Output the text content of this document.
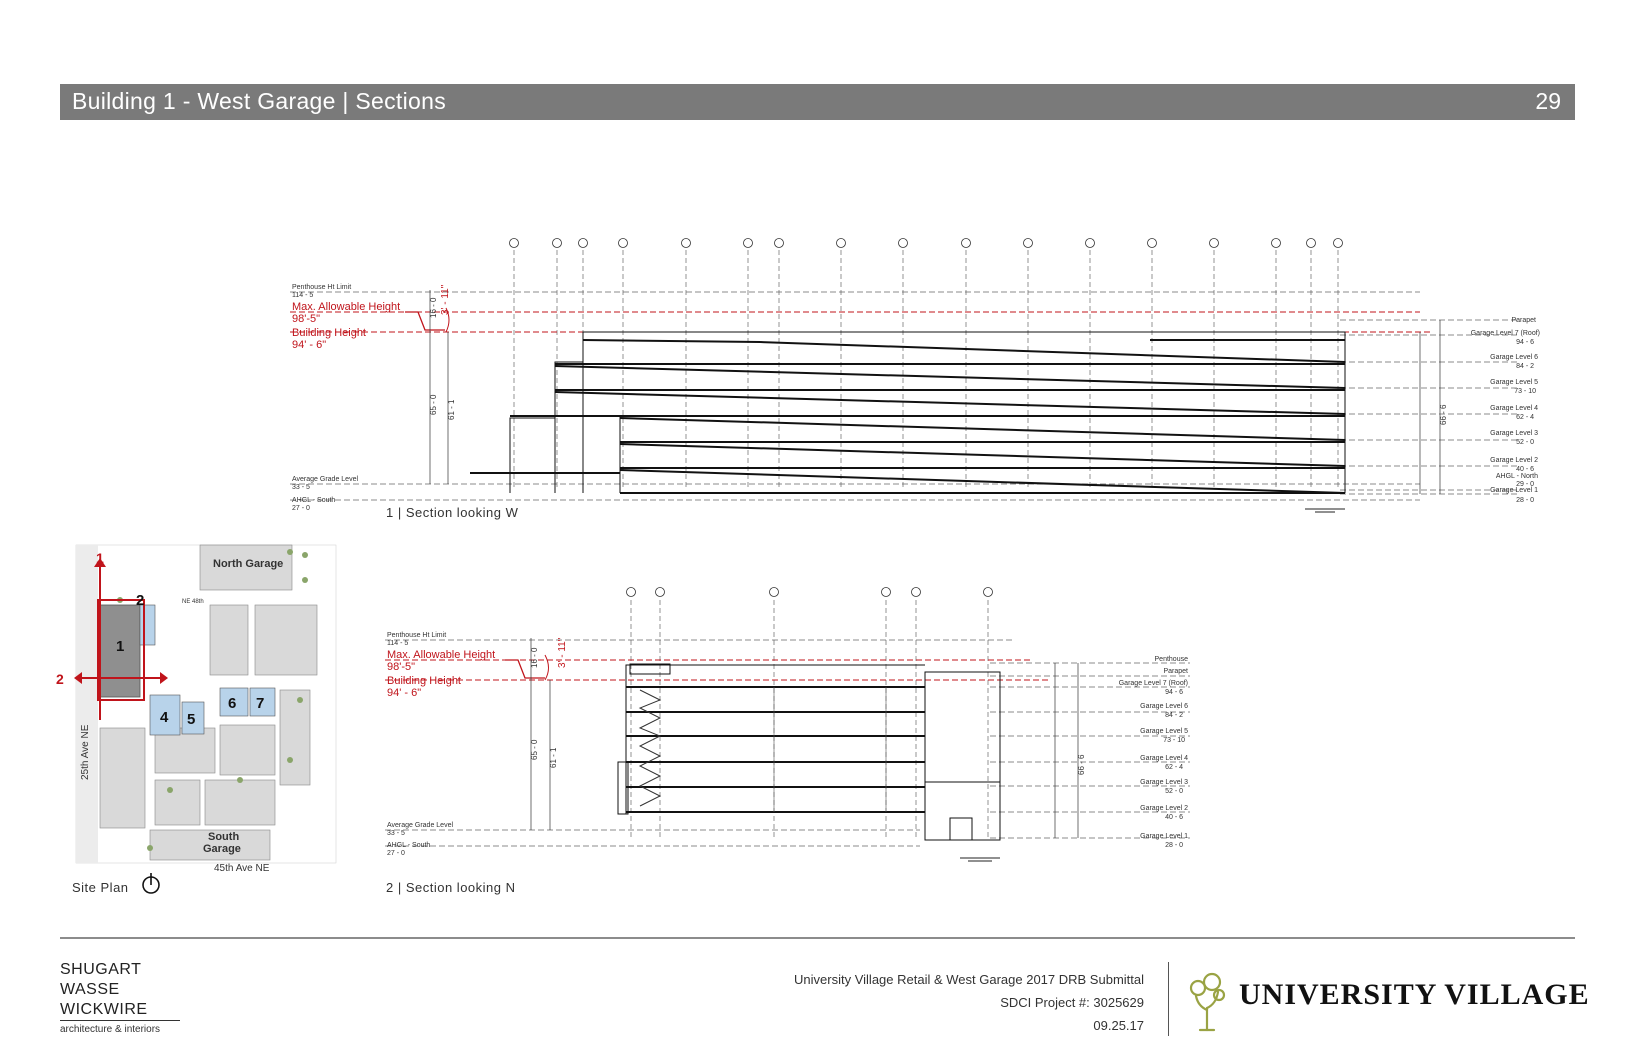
Building 1 - West Garage | Sections	29
3' - 11"
16 - 0
65 - 0 61 - 1	66 - 6
Penthouse Ht Limit
114 - 5
Max. Allowable Height
98'-5"
Building Height
94' - 6"
Average Grade Level
33 - 5
AHGL - South
27 - 0
Parapet
Garage Level 7 (Roof)
94 - 6
Garage Level 6
84 - 2
Garage Level 5
73 - 10
Garage Level 4
62 - 4
Garage Level 3
52 - 0
Garage Level 2
40 - 6
AHGL - North
29 - 0
Garage Level 1
28 - 0
3' - 11"
16 - 0
65 - 0 61 - 1	66 - 6
Penthouse Ht Limit
114 - 5
Max. Allowable Height
98'-5"
Building Height
94' - 6"
Average Grade Level
33 - 5
AHGL - South
27 - 0
Penthouse
Parapet
Garage Level 7 (Roof)
94 - 6
Garage Level 6
84 - 2
Garage Level 5
73 - 10
Garage Level 4
62 - 4
Garage Level 3
52 - 0
Garage Level 2
40 - 6
Garage Level 1
28 - 0
1
2
North Garage
South
Garage
NE 48th
25th Ave NE
45th Ave NE
1
2
4 5
6 7
1 | Section looking W
2 | Section looking N
Site Plan
SHUGART
WASSE
WICKWIRE
architecture & interiors
University Village Retail & West Garage 2017 DRB Submittal
SDCI Project #: 3025629
09.25.17
UNIVERSITY VILLAGE
